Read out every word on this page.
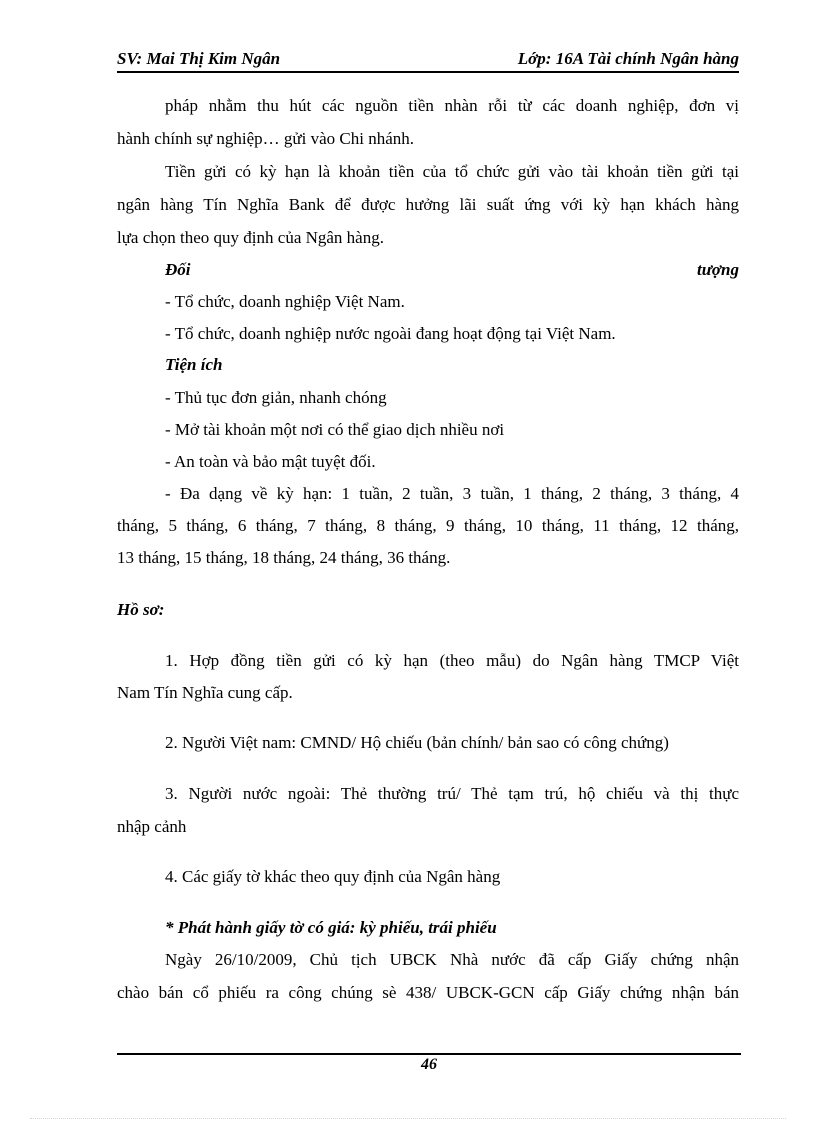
SV: Mai Thị Kim Ngân	Lớp: 16A Tài chính Ngân hàng
pháp nhằm thu hút các nguồn tiền nhàn rỗi từ các doanh nghiệp, đơn vị
hành chính sự nghiệp… gửi vào Chi nhánh.
Tiền gửi có kỳ hạn là khoản tiền của tổ chức gửi vào tài khoản tiền gửi tại
ngân hàng Tín Nghĩa Bank để được hưởng lãi suất ứng với kỳ hạn khách hàng
lựa chọn theo quy định của Ngân hàng.
Đối	tượng
- Tổ chức, doanh nghiệp Việt Nam.
- Tổ chức, doanh nghiệp nước ngoài đang hoạt động tại Việt Nam.
Tiện ích
- Thủ tục đơn giản, nhanh chóng
- Mở tài khoản một nơi có thể giao dịch nhiều nơi
- An toàn và bảo mật tuyệt đối.
- Đa dạng về kỳ hạn: 1 tuần, 2 tuần, 3 tuần, 1 tháng, 2 tháng, 3 tháng, 4
tháng, 5 tháng, 6 tháng, 7 tháng, 8 tháng, 9 tháng, 10 tháng, 11 tháng, 12 tháng,
13 tháng, 15 tháng, 18 tháng, 24 tháng, 36 tháng.
Hồ sơ:
1. Hợp đồng tiền gửi có kỳ hạn (theo mẫu) do Ngân hàng TMCP Việt
Nam Tín Nghĩa cung cấp.
2. Người Việt nam: CMND/ Hộ chiếu (bản chính/ bản sao có công chứng)
3. Người nước ngoài: Thẻ thường trú/ Thẻ tạm trú, hộ chiếu và thị thực
nhập cảnh
4. Các giấy tờ khác theo quy định của Ngân hàng
* Phát hành giấy tờ có giá: kỳ phiếu, trái phiếu
Ngày 26/10/2009, Chủ tịch UBCK Nhà nước đã cấp Giấy chứng nhận
chào bán cổ phiếu ra công chúng sè 438/ UBCK-GCN cấp Giấy chứng nhận bán
46
